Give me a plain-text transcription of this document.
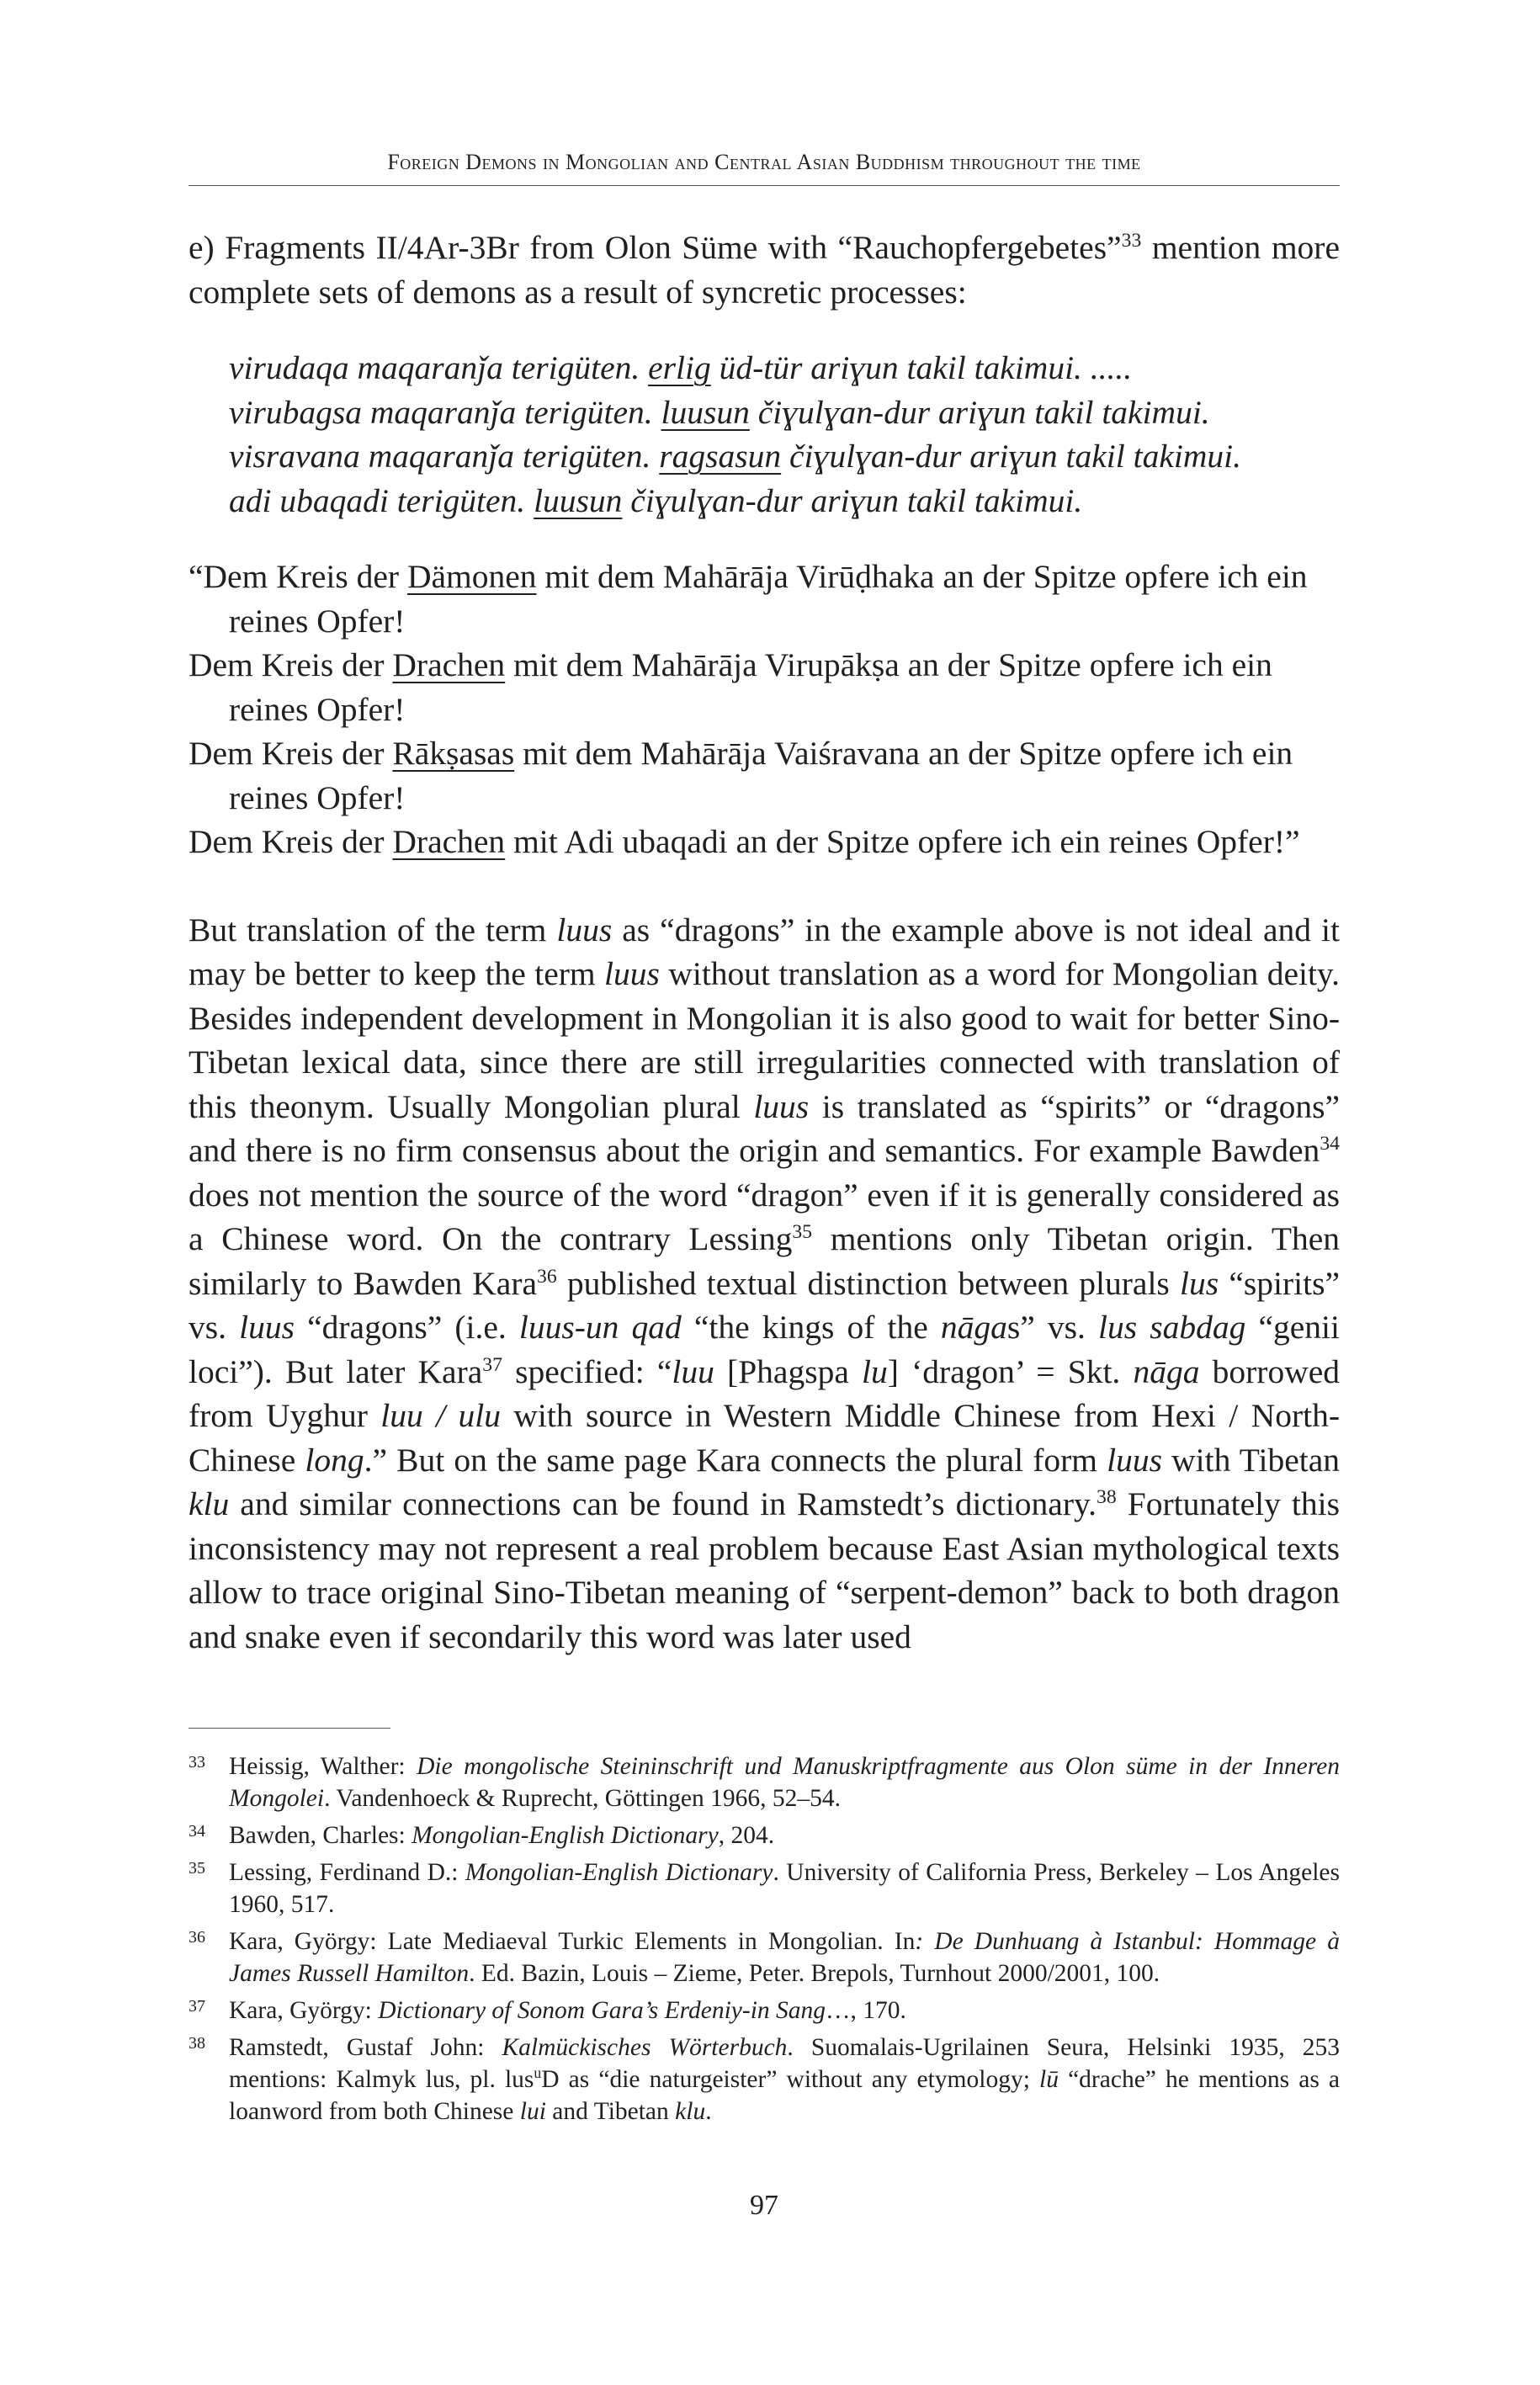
Foreign Demons in Mongolian and Central Asian Buddhism throughout the time

e) Fragments II/4Ar-3Br from Olon Süme with “Rauchopfergebetes”$^{33}$ mention more complete sets of demons as a result of syncretic processes:

virudaqa maqaranǰa terigüten. erlig üd-tür ariɣun takil takimui. .....
virubagsa maqaranǰa terigüten. luusun čiɣulɣan-dur ariɣun takil takimui.
visravana maqaranǰa terigüten. ragsasun čiɣulɣan-dur ariɣun takil takimui.
adi ubaqadi terigüten. luusun čiɣulɣan-dur ariɣun takil takimui.
“Dem Kreis der Dämonen mit dem Mahārāja Virūḍhaka an der Spitze opfere ich ein reines Opfer!
Dem Kreis der Drachen mit dem Mahārāja Virupākṣa an der Spitze opfere ich ein reines Opfer!
Dem Kreis der Rākṣasas mit dem Mahārāja Vaiśravana an der Spitze opfere ich ein reines Opfer!
Dem Kreis der Drachen mit Adi ubaqadi an der Spitze opfere ich ein reines Opfer!”

But translation of the term luus as “dragons” in the example above is not ideal and it may be better to keep the term luus without translation as a word for Mongolian deity. Besides independent development in Mongolian it is also good to wait for better Sino-Tibetan lexical data, since there are still irregularities connected with translation of this theonym. Usually Mongolian plural luus is translated as “spirits” or “dragons” and there is no firm consensus about the origin and semantics. For example Bawden$^{34}$ does not mention the source of the word “dragon” even if it is generally considered as a Chinese word. On the contrary Lessing$^{35}$ mentions only Tibetan origin. Then similarly to Bawden Kara$^{36}$ published textual distinction between plurals lus “spirits” vs. luus “dragons” (i.e. luus-un qad “the kings of the nāgas” vs. lus sabdag “genii loci”). But later Kara$^{37}$ specified: “luu [Phagspa lu] ‘dragon’ = Skt. nāga borrowed from Uyghur luu / ulu with source in Western Middle Chinese from Hexi / North-Chinese long.” But on the same page Kara connects the plural form luus with Tibetan klu and similar connections can be found in Ramstedt’s dictionary.$^{38}$ Fortunately this inconsistency may not represent a real problem because East Asian mythological texts allow to trace original Sino-Tibetan meaning of “serpent-demon” back to both dragon and snake even if secondarily this word was later used

33 Heissig, Walther: Die mongolische Steininschrift und Manuskriptfragmente aus Olon süme in der Inneren Mongolei. Vandenhoeck & Ruprecht, Göttingen 1966, 52–54.
34 Bawden, Charles: Mongolian-English Dictionary, 204.
35 Lessing, Ferdinand D.: Mongolian-English Dictionary. University of California Press, Berkeley – Los Angeles 1960, 517.
36 Kara, György: Late Mediaeval Turkic Elements in Mongolian. In: De Dunhuang à Istanbul: Hommage à James Russell Hamilton. Ed. Bazin, Louis – Zieme, Peter. Brepols, Turnhout 2000/2001, 100.
37 Kara, György: Dictionary of Sonom Gara’s Erdeniy-in Sang…, 170.
38 Ramstedt, Gustaf John: Kalmückisches Wörterbuch. Suomalais-Ugrilainen Seura, Helsinki 1935, 253 mentions: Kalmyk lus, pl. lus$^u$D as “die naturgeister” without any etymology; lū “drache” he mentions as a loanword from both Chinese lui and Tibetan klu.
97
